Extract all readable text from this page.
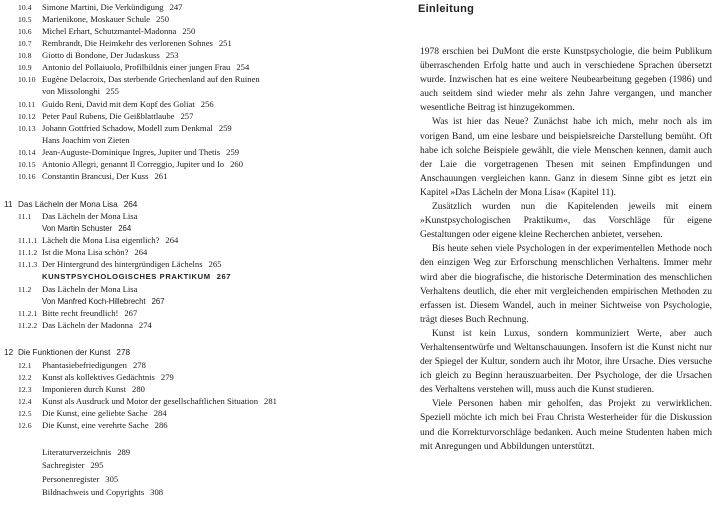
10.4 Simone Martini, Die Verkündigung 247
10.5 Marienikone, Moskauer Schule 250
10.6 Michel Erhart, Schutzmantel-Madonna 250
10.7 Rembrandt, Die Heimkehr des verlorenen Sohnes 251
10.8 Giotto di Bondone, Der Judaskuss 253
10.9 Antonio del Pollaiuolo, Profilbildnis einer jungen Frau 254
10.10 Eugène Delacroix, Das sterbende Griechenland auf den Ruinen
von Missolonghi 255
10.11 Guido Reni, David mit dem Kopf des Goliat 256
10.12 Peter Paul Rubens, Die Geißblattlaube 257
10.13 Johann Gottfried Schadow, Modell zum Denkmal 259
Hans Joachim von Zieten
10.14 Jean-Auguste-Dominique Ingres, Jupiter und Thetis 259
10.15 Antonio Allegri, genannt Il Correggio, Jupiter und Io 260
10.16 Constantin Brancusi, Der Kuss 261
11 Das Lächeln der Mona Lisa 264
11.1 Das Lächeln der Mona Lisa
Von Martin Schuster 264
11.1.1 Lächelt die Mona Lisa eigentlich? 264
11.1.2 Ist die Mona Lisa schön? 264
11.1.3 Der Hintergrund des hintergründigen Lächelns 265
KUNSTPSYCHOLOGISCHES PRAKTIKUM 267
11.2 Das Lächeln der Mona Lisa
Von Manfred Koch-Hillebrecht 267
11.2.1 Bitte recht freundlich! 267
11.2.2 Das Lächeln der Madonna 274
12 Die Funktionen der Kunst 278
12.1 Phantasiebefriedigungen 278
12.2 Kunst als kollektives Gedächtnis 279
12.3 Imponieren durch Kunst 280
12.4 Kunst als Ausdruck und Motor der gesellschaftlichen Situation 281
12.5 Die Kunst, eine geliebte Sache 284
12.6 Die Kunst, eine verehrte Sache 286
Literaturverzeichnis 289
Sachregister 295
Personenregister 305
Bildnachweis und Copyrights 308
Einleitung

1978 erschien bei DuMont die erste Kunstpsychologie, die beim Publikum überraschenden Erfolg hatte und auch in verschiedene Sprachen übersetzt wurde. Inzwischen hat es eine weitere Neubearbeitung gegeben (1986) und auch seitdem sind wieder mehr als zehn Jahre vergangen, und mancher wesentliche Beitrag ist hinzugekommen.

Was ist hier das Neue? Zunächst habe ich mich, mehr noch als im vorigen Band, um eine lesbare und beispielsreiche Darstellung bemüht. Oft habe ich solche Beispiele gewählt, die viele Menschen kennen, damit auch der Laie die vorgetragenen Thesen mit seinen Empfindungen und Anschauungen vergleichen kann. Ganz in diesem Sinne gibt es jetzt ein Kapitel »Das Lächeln der Mona Lisa« (Kapitel 11).

Zusätzlich wurden nun die Kapitelenden jeweils mit einem »Kunstpsychologischen Praktikum«, das Vorschläge für eigene Gestaltungen oder eigene kleine Recherchen anbietet, versehen.

Bis heute sehen viele Psychologen in der experimentellen Methode noch den einzigen Weg zur Erforschung menschlichen Verhaltens. Immer mehr wird aber die biografische, die historische Determination des menschlichen Verhaltens deutlich, die eher mit vergleichenden empirischen Methoden zu erfassen ist. Diesem Wandel, auch in meiner Sichtweise von Psychologie, trägt dieses Buch Rechnung.

Kunst ist kein Luxus, sondern kommuniziert Werte, aber auch Verhaltensentwürfe und Weltanschauungen. Insofern ist die Kunst nicht nur der Spiegel der Kultur, sondern auch ihr Motor, ihre Ursache. Dies versuche ich gleich zu Beginn herauszuarbeiten. Der Psychologe, der die Ursachen des Verhaltens verstehen will, muss auch die Kunst studieren.

Viele Personen haben mir geholfen, das Projekt zu verwirklichen. Speziell möchte ich mich bei Frau Christa Westerheider für die Diskussion und die Korrekturvorschläge bedanken. Auch meine Studenten haben mich mit Anregungen und Abbildungen unterstützt.
